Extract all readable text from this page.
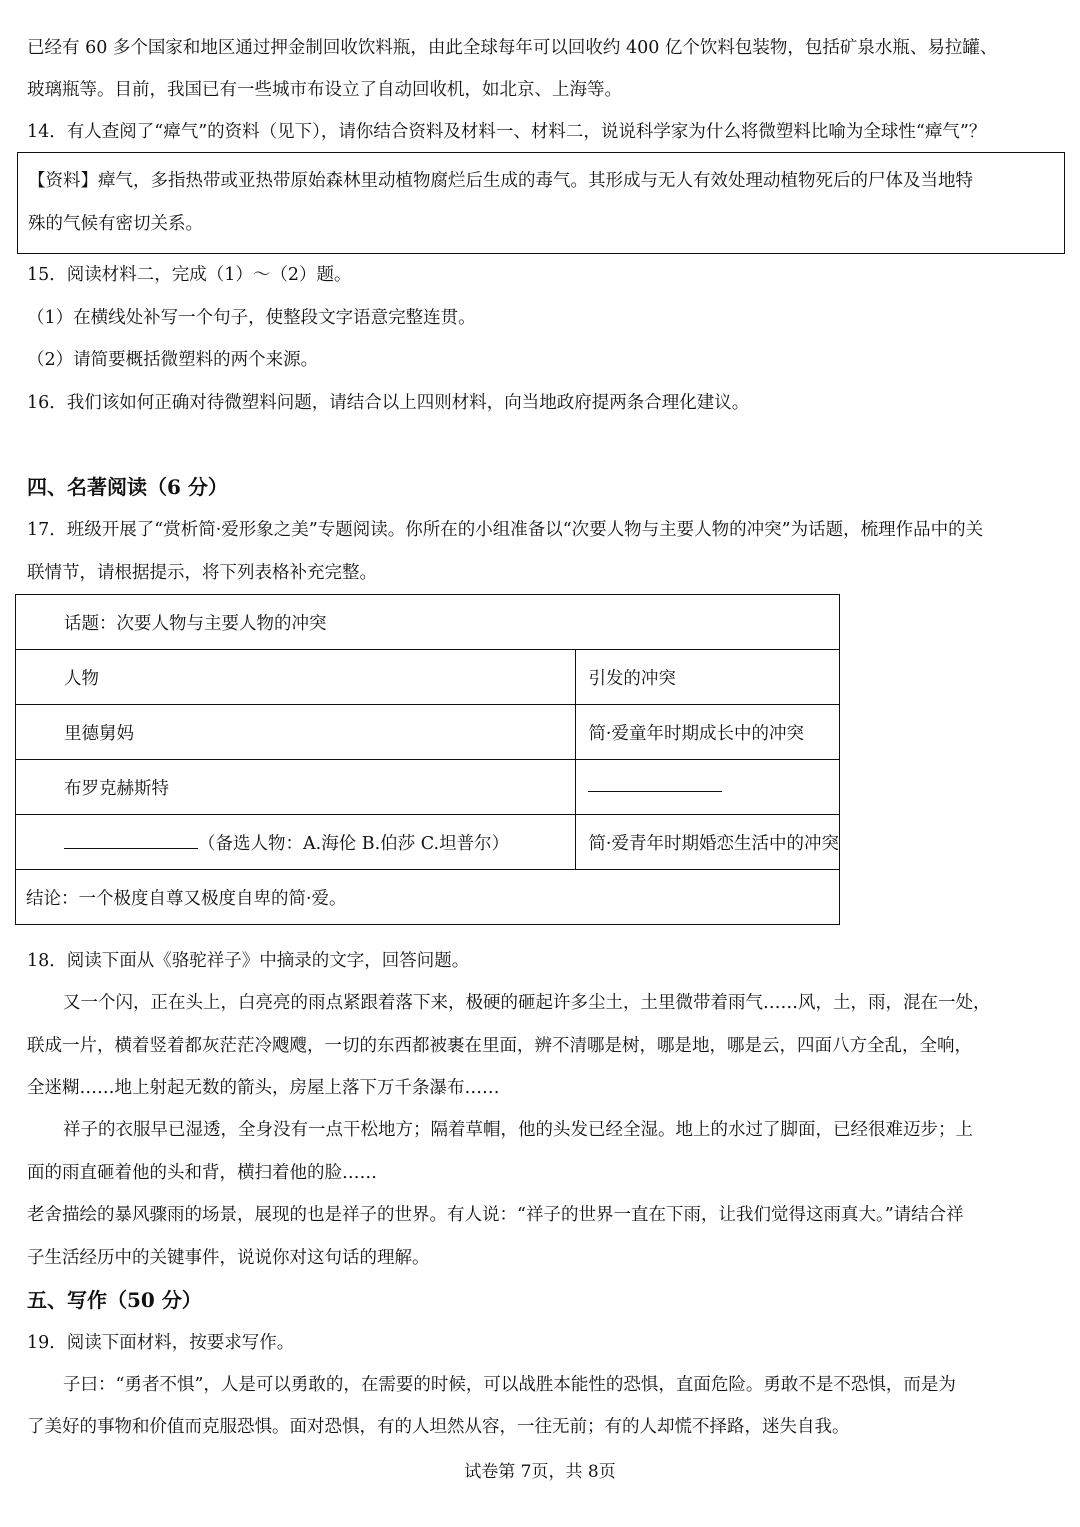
已经有 60 多个国家和地区通过押金制回收饮料瓶，由此全球每年可以回收约 400 亿个饮料包装物，包括矿泉水瓶、易拉罐、
玻璃瓶等。目前，我国已有一些城市布设立了自动回收机，如北京、上海等。
14．有人查阅了“瘴气”的资料（见下），请你结合资料及材料一、材料二，说说科学家为什么将微塑料比喻为全球性“瘴气”？
【资料】瘴气，多指热带或亚热带原始森林里动植物腐烂后生成的毒气。其形成与无人有效处理动植物死后的尸体及当地特
殊的气候有密切关系。
15．阅读材料二，完成（1）～（2）题。
（1）在横线处补写一个句子，使整段文字语意完整连贯。
（2）请简要概括微塑料的两个来源。
16．我们该如何正确对待微塑料问题，请结合以上四则材料，向当地政府提两条合理化建议。
四、名著阅读（6 分）
17．班级开展了“赏析简·爱形象之美”专题阅读。你所在的小组准备以“次要人物与主要人物的冲突”为话题，梳理作品中的关
联情节，请根据提示，将下列表格补充完整。
话题：次要人物与主要人物的冲突	
人物	引发的冲突
里德舅妈	简·爱童年时期成长中的冲突
布罗克赫斯特	
（备选人物：A.海伦 B.伯莎 C.坦普尔）	简·爱青年时期婚恋生活中的冲突
结论：一个极度自尊又极度自卑的简·爱。	
18．阅读下面从《骆驼祥子》中摘录的文字，回答问题。
又一个闪，正在头上，白亮亮的雨点紧跟着落下来，极硬的砸起许多尘土，土里微带着雨气……风，土，雨，混在一处，
联成一片，横着竖着都灰茫茫冷飕飕，一切的东西都被裹在里面，辨不清哪是树，哪是地，哪是云，四面八方全乱，全响，
全迷糊……地上射起无数的箭头，房屋上落下万千条瀑布……
祥子的衣服早已湿透，全身没有一点干松地方；隔着草帽，他的头发已经全湿。地上的水过了脚面，已经很难迈步；上
面的雨直砸着他的头和背，横扫着他的脸……
老舍描绘的暴风骤雨的场景，展现的也是祥子的世界。有人说：“祥子的世界一直在下雨，让我们觉得这雨真大。”请结合祥
子生活经历中的关键事件，说说你对这句话的理解。
五、写作（50 分）
19．阅读下面材料，按要求写作。
子曰：“勇者不惧”，人是可以勇敢的，在需要的时候，可以战胜本能性的恐惧，直面危险。勇敢不是不恐惧，而是为
了美好的事物和价值而克服恐惧。面对恐惧，有的人坦然从容，一往无前；有的人却慌不择路，迷失自我。
试卷第 7页，共 8页
